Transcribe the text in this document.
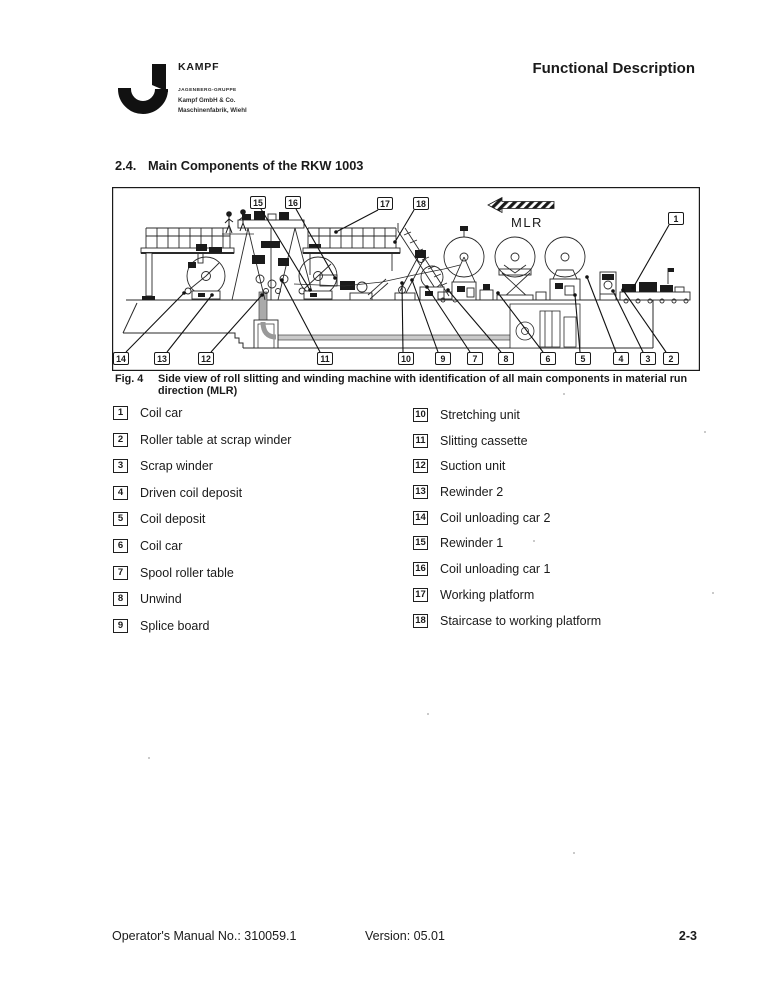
KAMPF
JAGENBERG-GRUPPE
Kampf GmbH & Co.
Maschinenfabrik, Wiehl
Functional Description
2.4. Main Components of the RKW 1003
MLR
15	16	17	18
1
14	13	12	11	10	9	7	8	6	5	4	3	2
Fig. 4 Side view of roll slitting and winding machine with identification of all main components in material run direction (MLR)
1	Coil car
2	Roller table at scrap winder
3	Scrap winder
4	Driven coil deposit
5	Coil deposit
6	Coil car
7	Spool roller table
8	Unwind
9	Splice board
10 Stretching unit
11 Slitting cassette
12 Suction unit
13 Rewinder 2
14 Coil unloading car 2
15 Rewinder 1
16 Coil unloading car 1
17 Working platform
18 Staircase to working platform
Operator's Manual No.: 310059.1	Version: 05.01	2-3
